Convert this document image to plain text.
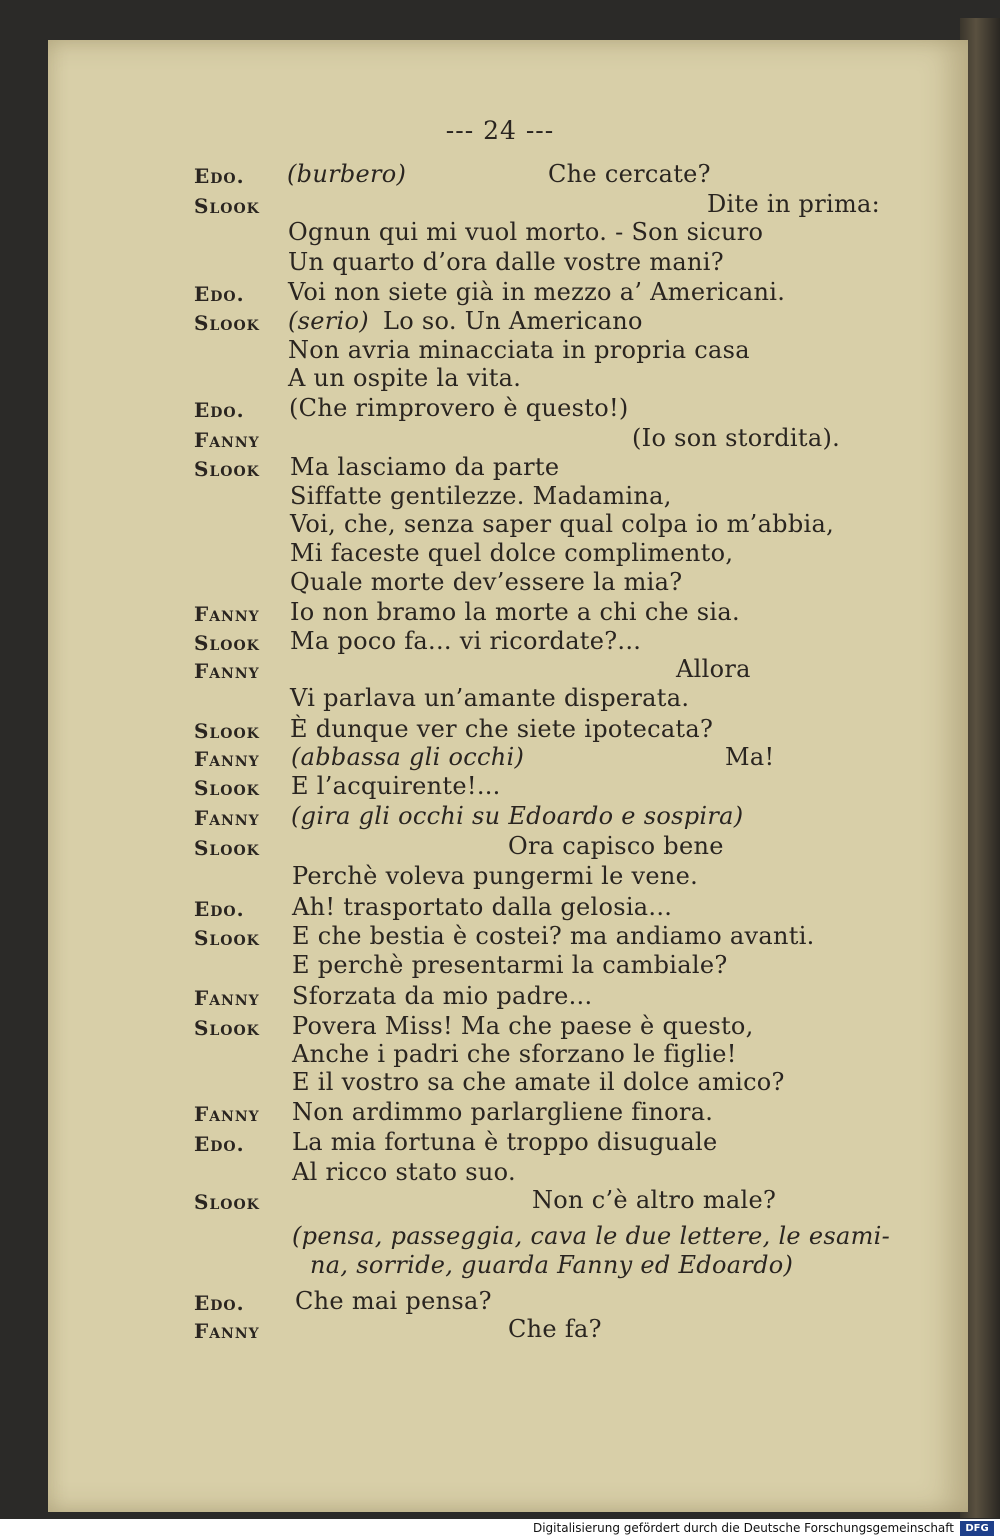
--- 24 ---
Edo. (burbero)	Che cercate?
Slook	Dite in prima:
Ognun qui mi vuol morto. - Son sicuro
Un quarto d’ora dalle vostre mani?
Edo. Voi non siete già in mezzo a’ Americani.
Slook (serio) Lo so. Un Americano
Non avria minacciata in propria casa
A un ospite la vita.
Edo. (Che rimprovero è questo!)
Fanny	(Io son stordita).
Slook Ma lasciamo da parte
Siffatte gentilezze. Madamina,
Voi, che, senza saper qual colpa io m’abbia,
Mi faceste quel dolce complimento,
Quale morte dev’essere la mia?
Fanny Io non bramo la morte a chi che sia.
Slook Ma poco fa... vi ricordate?...
Fanny	Allora
Vi parlava un’amante disperata.
Slook È dunque ver che siete ipotecata?
Fanny (abbassa gli occhi)	Ma!
Slook E l’acquirente!...
Fanny (gira gli occhi su Edoardo e sospira)
Slook	Ora capisco bene
Perchè voleva pungermi le vene.
Edo. Ah! trasportato dalla gelosia...
Slook E che bestia è costei? ma andiamo avanti.
E perchè presentarmi la cambiale?
Fanny Sforzata da mio padre...
Slook Povera Miss! Ma che paese è questo,
Anche i padri che sforzano le figlie!
E il vostro sa che amate il dolce amico?
Fanny Non ardimmo parlargliene finora.
Edo. La mia fortuna è troppo disuguale
Al ricco stato suo.
Slook	Non c’è altro male?
(pensa, passeggia, cava le due lettere, le esami-
na, sorride, guarda Fanny ed Edoardo)
Edo. Che mai pensa?
Fanny	Che fa?
Digitalisierung gefördert durch die Deutsche Forschungsgemeinschaft	DFG
